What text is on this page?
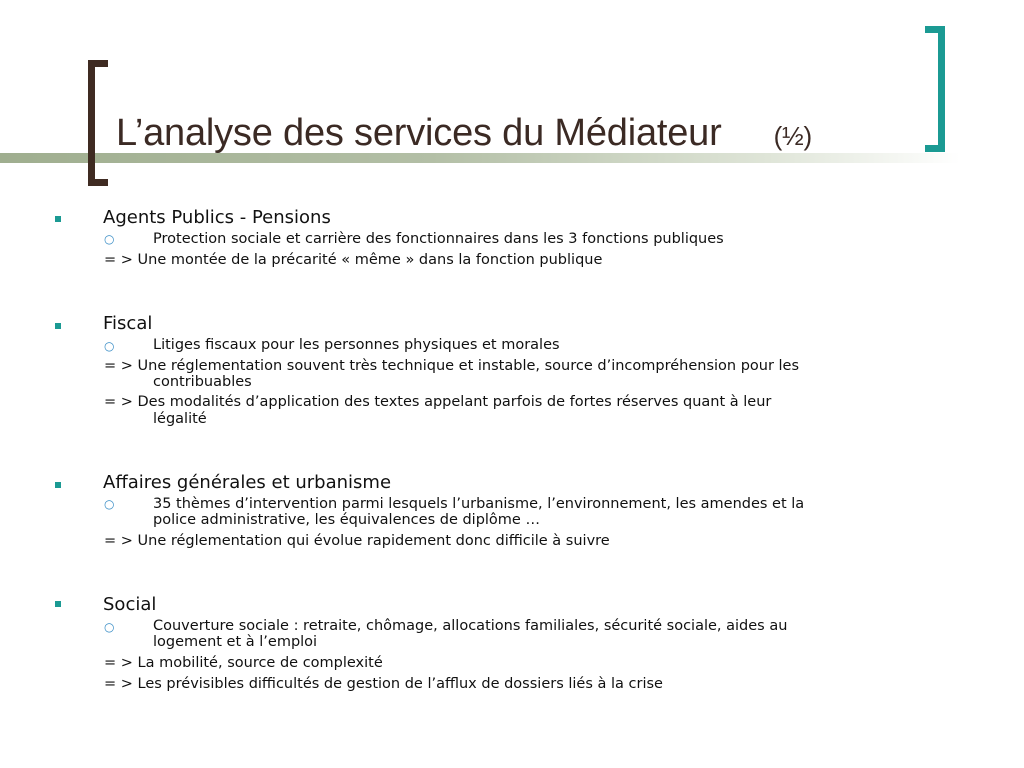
L’analyse des services du Médiateur (½)
Agents Publics - Pensions
○	Protection sociale et carrière des fonctionnaires dans les 3 fonctions publiques
= > Une montée de la précarité « même » dans la fonction publique
Fiscal
○	Litiges fiscaux pour les personnes physiques et morales
= > Une réglementation souvent très technique et instable, source d’incompréhension pour les
contribuables
= > Des modalités d’application des textes appelant parfois de fortes réserves quant à leur
légalité
Affaires générales et urbanisme
○	35 thèmes d’intervention parmi lesquels l’urbanisme, l’environnement, les amendes et la
police administrative, les équivalences de diplôme …
= > Une réglementation qui évolue rapidement donc difficile à suivre
Social
○	Couverture sociale : retraite, chômage, allocations familiales, sécurité sociale, aides au
logement et à l’emploi
= > La mobilité, source de complexité
= > Les prévisibles difficultés de gestion de l’afflux de dossiers liés à la crise
